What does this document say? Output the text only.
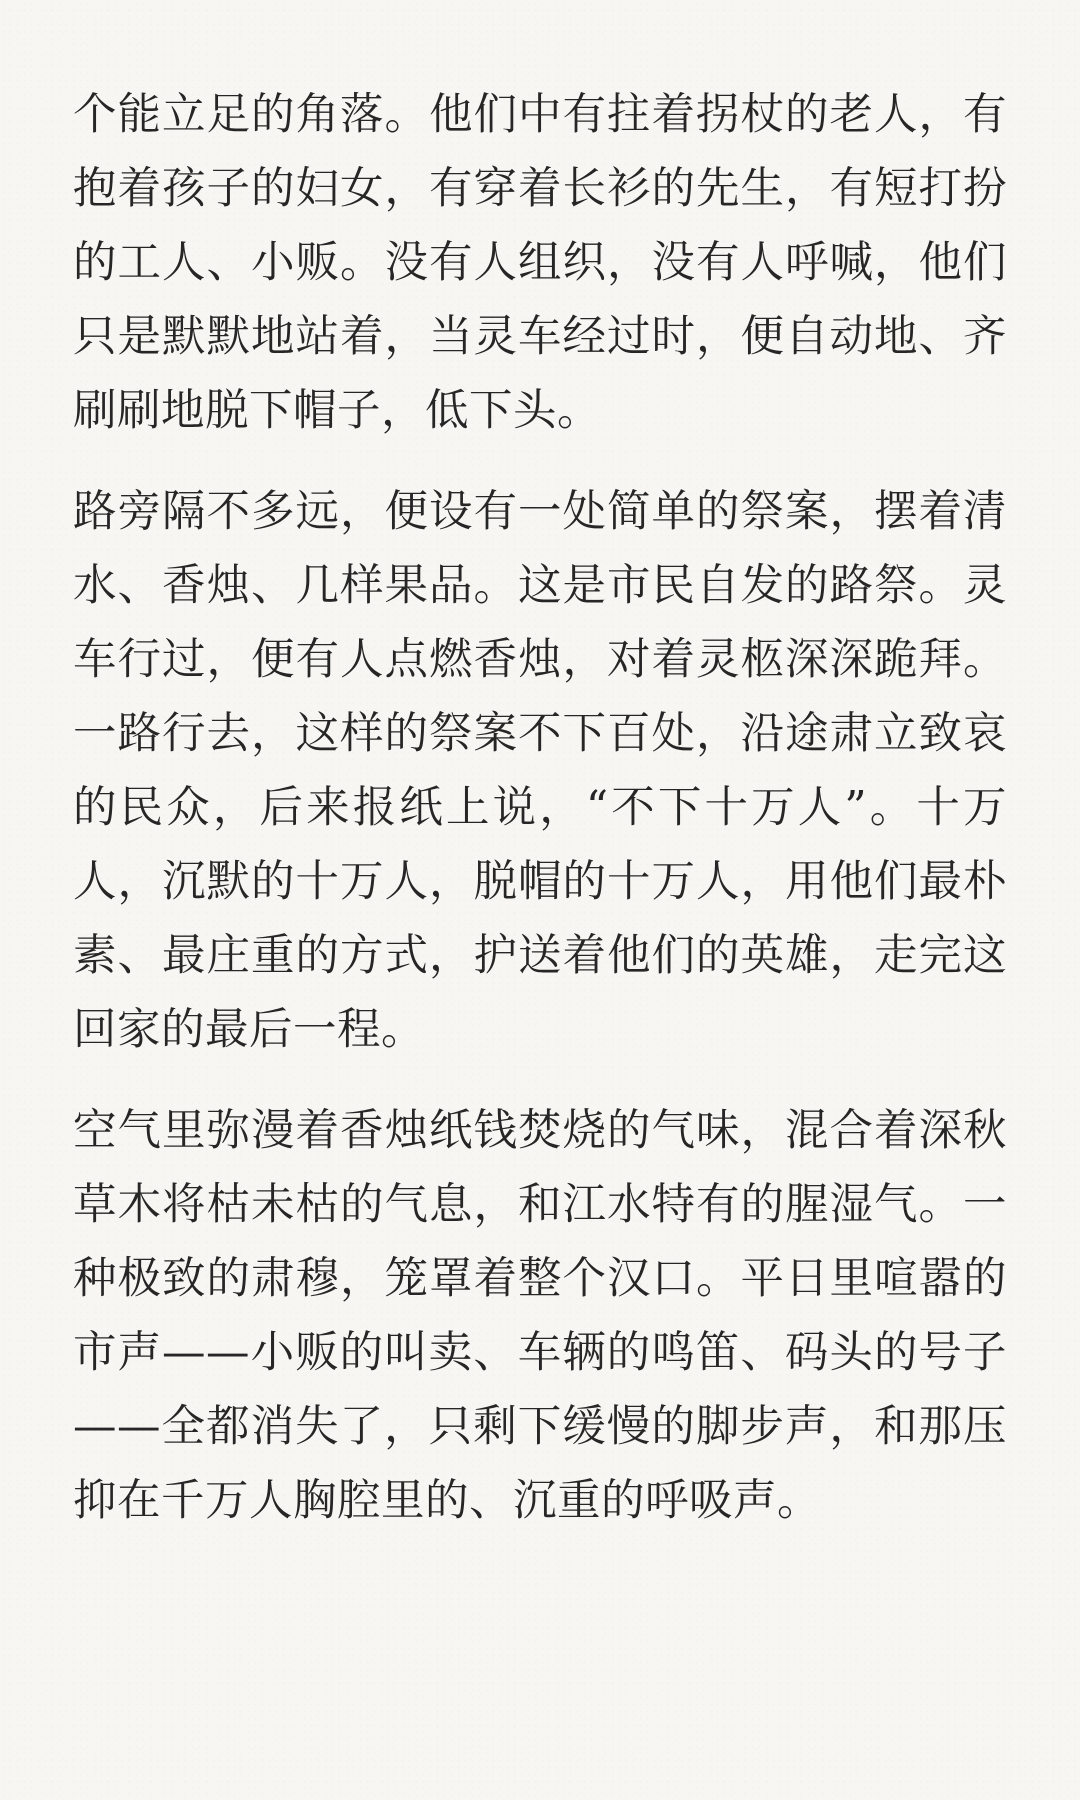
个能立足的角落。他们中有拄着拐杖的老人，有抱着孩子的妇女，有穿着长衫的先生，有短打扮的工人、小贩。没有人组织，没有人呼喊，他们只是默默地站着，当灵车经过时，便自动地、齐刷刷地脱下帽子，低下头。

路旁隔不多远，便设有一处简单的祭案，摆着清水、香烛、几样果品。这是市民自发的路祭。灵车行过，便有人点燃香烛，对着灵柩深深跪拜。一路行去，这样的祭案不下百处，沿途肃立致哀的民众，后来报纸上说，“不下十万人”。十万人，沉默的十万人，脱帽的十万人，用他们最朴素、最庄重的方式，护送着他们的英雄，走完这回家的最后一程。

空气里弥漫着香烛纸钱焚烧的气味，混合着深秋草木将枯未枯的气息，和江水特有的腥湿气。一种极致的肃穆，笼罩着整个汉口。平日里喧嚣的市声——小贩的叫卖、车辆的鸣笛、码头的号子——全都消失了，只剩下缓慢的脚步声，和那压抑在千万人胸腔里的、沉重的呼吸声。
